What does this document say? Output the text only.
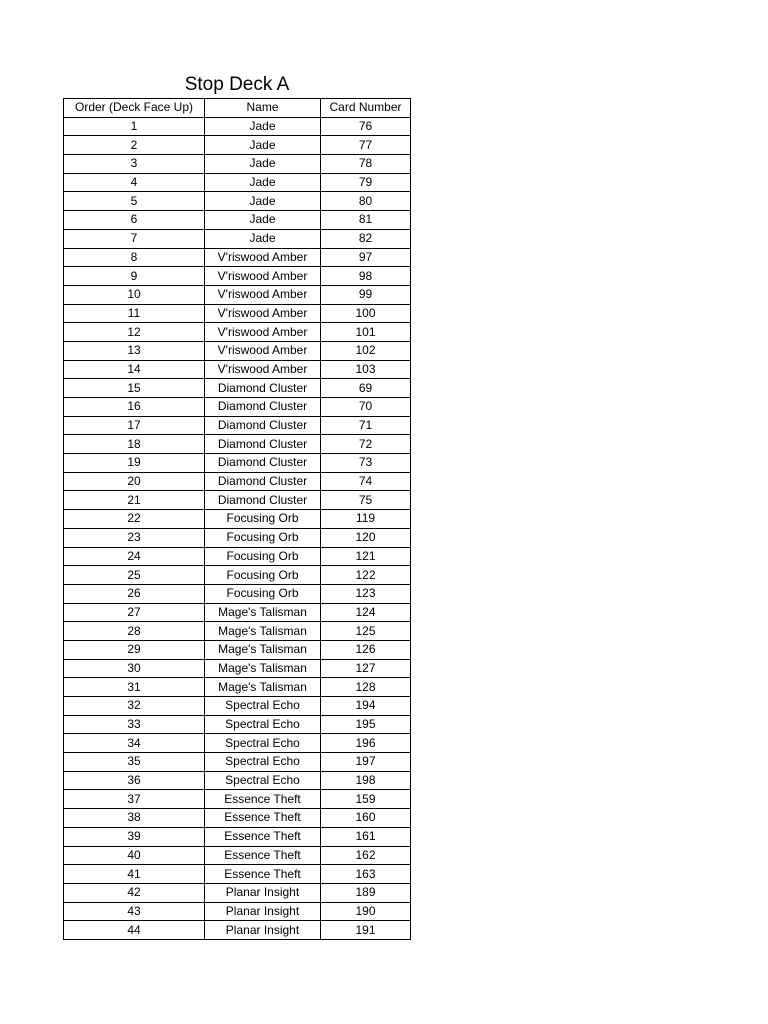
Stop Deck A
Order (Deck Face Up)	Name	Card Number
1	Jade	76
2	Jade	77
3	Jade	78
4	Jade	79
5	Jade	80
6	Jade	81
7	Jade	82
8	V'riswood Amber	97
9	V'riswood Amber	98
10	V'riswood Amber	99
11	V'riswood Amber	100
12	V'riswood Amber	101
13	V'riswood Amber	102
14	V'riswood Amber	103
15	Diamond Cluster	69
16	Diamond Cluster	70
17	Diamond Cluster	71
18	Diamond Cluster	72
19	Diamond Cluster	73
20	Diamond Cluster	74
21	Diamond Cluster	75
22	Focusing Orb	119
23	Focusing Orb	120
24	Focusing Orb	121
25	Focusing Orb	122
26	Focusing Orb	123
27	Mage's Talisman	124
28	Mage's Talisman	125
29	Mage's Talisman	126
30	Mage's Talisman	127
31	Mage's Talisman	128
32	Spectral Echo	194
33	Spectral Echo	195
34	Spectral Echo	196
35	Spectral Echo	197
36	Spectral Echo	198
37	Essence Theft	159
38	Essence Theft	160
39	Essence Theft	161
40	Essence Theft	162
41	Essence Theft	163
42	Planar Insight	189
43	Planar Insight	190
44	Planar Insight	191
